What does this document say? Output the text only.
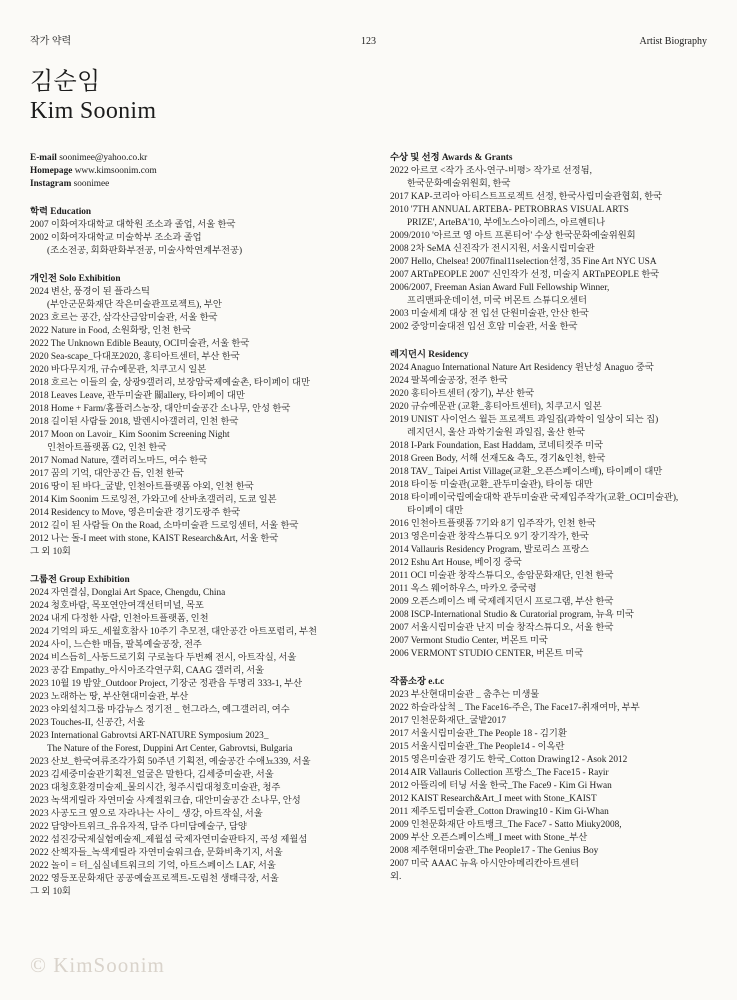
작가 약력	123	Artist Biography
김순임
Kim Soonim
E-mail soonimee@yahoo.co.kr
Homepage www.kimsoonim.com
Instagram soonimee
학력 Education
2007 이화여자대학교 대학원 조소과 졸업, 서울 한국
2002 이화여자대학교 미술학부 조소과 졸업
(조소전공, 회화판화부전공, 미술사학연계부전공)
개인전 Solo Exhibition
2024 변산, 풍경이 된 플라스틱
(부안군문화재단 작은미술관프로젝트), 부안
2023 흐르는 공간, 삼각산금암미술관, 서울 한국
2022 Nature in Food, 소원화랑, 인천 한국
2022 The Unknown Edible Beauty, OCI미술관, 서울 한국
2020 Sea-scape_다대포2020, 홍티아트센터, 부산 한국
2020 바다무지개, 규슈예문관, 치쿠고시 일본
2018 흐르는 이들의 숲, 상광9갤러리, 보장암국제예술촌, 타이페이 대만
2018 Leaves Leave, 관두미술관 關allery, 타이페이 대만
2018 Home + Farm/홈플러스농장, 대안미술공간 소나무, 안성 한국
2018 길이된 사람들 2018, 발렌시아갤러리, 인천 한국
2017 Moon on Lavoir_ Kim Soonim Screening Night
인천아트플랫폼 G2, 인천 한국
2017 Nomad Nature, 갤러리노마드, 여수 한국
2017 꿈의 기억, 대안공간 듬, 인천 한국
2016 땅이 된 바다_굴밭, 인천아트플랫폼 야외, 인천 한국
2014 Kim Soonim 드로잉전, 가와고에 산바초갤러리, 도쿄 일본
2014 Residency to Move, 영은미술관 경기도광주 한국
2012 길이 된 사람들 On the Road, 소마미술관 드로잉센터, 서울 한국
2012 나는 돌-I meet with stone, KAIST Research&Art, 서울 한국
그 외 10회
그룹전 Group Exhibition
2024 자연결심, Donglai Art Space, Chengdu, China
2024 청호바람, 목포연안여객선터미널, 목포
2024 내게 다정한 사람, 인천아트플랫폼, 인천
2024 기억의 파도_세월호참사 10주기 추모전, 대안공간 아트포럼리, 부천
2024 사이, 느슨한 매듭, 팔복예술공장, 전주
2024 비스듬히_사동드로기회 구로놀다 두번째 전시, 아트작실, 서울
2023 공감 Empathy_아시아조각연구회, CAAG 갤러리, 서울
2023 10월 19 밤앞_Outdoor Project, 기장군 정관읍 두명리 333-1, 부산
2023 노래하는 땅, 부산현대미술관, 부산
2023 야외설치그룹 마감뉴스 정기전 _ 헌그라스, 예그갤러리, 여수
2023 Touches-II, 신공간, 서울
2023 International Gabrovtsi ART-NATURE Symposium 2023_
The Nature of the Forest, Duppini Art Center, Gabrovtsi, Bulgaria
2023 산보_한국여류조각가회 50주년 기획전, 예술공간 수애뇨339, 서울
2023 김세중미술관기획전_얼굴은 말한다, 김세중미술관, 서울
2023 대청호환경미술제_물의시간, 청주시립대청호미술관, 청주
2023 녹색게릴라 자연미술 사계절워크숍, 대안미술공간 소나무, 안성
2023 사공도크 옆으로 자라나는 사이_ 생강, 아트작실, 서울
2022 담양아트위크_유유자적, 담주 다미담예술구, 담양
2022 섬진강국제실험예술제_제월섬 국제자연미술판타지, 곡성 제월섬
2022 산책자들_녹색게릴라 자연미술워크숍, 문화비축기지, 서울
2022 놀이 = 터_심실네트워크의 기억, 아트스페이스 LAF, 서울
2022 영등포문화재단 공공예술프로젝트-도림천 생태극장, 서울
그 외 10회
수상 및 선정 Awards & Grants
2022 아르코 <작가 조사-연구-비평> 작가로 선정됨,
한국문화예술위원회, 한국
2017 KAP-코리아 아티스트프로젝트 선정, 한국사립미술관협회, 한국
2010 '7TH ANNUAL ARTEBA- PETROBRAS VISUAL ARTS
PRIZE', ArteBA'10, 부에노스아이레스, 아르헨티나
2009/2010 '아르코 영 아트 프론티어' 수상 한국문화예술위원회
2008 2차 SeMA 신진작가 전시지원, 서울시립미술관
2007 Hello, Chelsea! 2007final11selection선정, 35 Fine Art NYC USA
2007 ARTnPEOPLE 2007' 신인작가 선정, 미술지 ARTnPEOPLE 한국
2006/2007, Freeman Asian Award Full Fellowship Winner,
프리맨파운데이션, 미국 버몬트 스튜디오센터
2003 미술세계 대상 전 입선 단원미술관, 안산 한국
2002 중앙미술대전 입선 호암 미술관, 서울 한국
레지던시 Residency
2024 Anaguo International Nature Art Residency 윈난성 Anaguo 중국
2024 팔복예술공장, 전주 한국
2020 홍티아트센터 (장기), 부산 한국
2020 규슈예문관 (교환_홍티아트센터), 치쿠고시 일본
2019 UNIST 사이언스 월든 프로젝트 과일집(과학이 일상이 되는 집)
레지던시, 울산 과학기술원 과일집, 울산 한국
2018 I-Park Foundation, East Haddam, 코네티컷주 미국
2018 Green Body, 서해 선재도& 측도, 경기&인천, 한국
2018 TAV_ Taipei Artist Village(교환_오픈스페이스배), 타이페이 대만
2018 타이동 미술관(교환_관두미술관), 타이동 대만
2018 타이페이국립예술대학 관두미술관 국제입주작가(교환_OCI미술관),
타이페이 대만
2016 인천아트플랫폼 7기와 8기 입주작가, 인천 한국
2013 영은미술관 창작스튜디오 9기 장기작가, 한국
2014 Vallauris Residency Program, 발로리스 프랑스
2012 Eshu Art House, 베이징 중국
2011 OCI 미술관 창작스튜디오, 송암문화재단, 인천 한국
2011 옥스 웨어하우스, 마카오 중국령
2009 오픈스페이스 배 국제레지던시 프로그램, 부산 한국
2008 ISCP-International Studio & Curatorial program, 뉴욕 미국
2007 서울시립미술관 난지 미술 창작스튜디오, 서울 한국
2007 Vermont Studio Center, 버몬트 미국
2006 VERMONT STUDIO CENTER, 버몬트 미국
작품소장 e.t.c
2023 부산현대미술관 _ 춤추는 미생물
2022 하슬라삼척 _ The Face16-주은, The Face17-취재여마, 부부
2017 인천문화재단_굴밭2017
2017 서울시립미술관_The People 18 - 김기환
2015 서울시립미술관_The People14 - 이옥란
2015 영은미술관 경기도 한국_Cotton Drawing12 - Asok 2012
2014 AIR Vallauris Collection 프랑스_The Face15 - Rayir
2012 아뜰리에 터닝 서울 한국_The Face9 - Kim Gi Hwan
2012 KAIST Research&Art_I meet with Stone_KAIST
2011 제주도립미술관_Cotton Drawing10 - Kim Gi-Whan
2009 인천문화재단 아트뱅크_The Face7 - Satto Miuky2008,
2009 부산 오픈스페이스배_I meet with Stone_부산
2008 제주현대미술관_The People17 - The Genius Boy
2007 미국 AAAC 뉴욕 아시안아메리칸아트센터
외.
© KimSoonim
